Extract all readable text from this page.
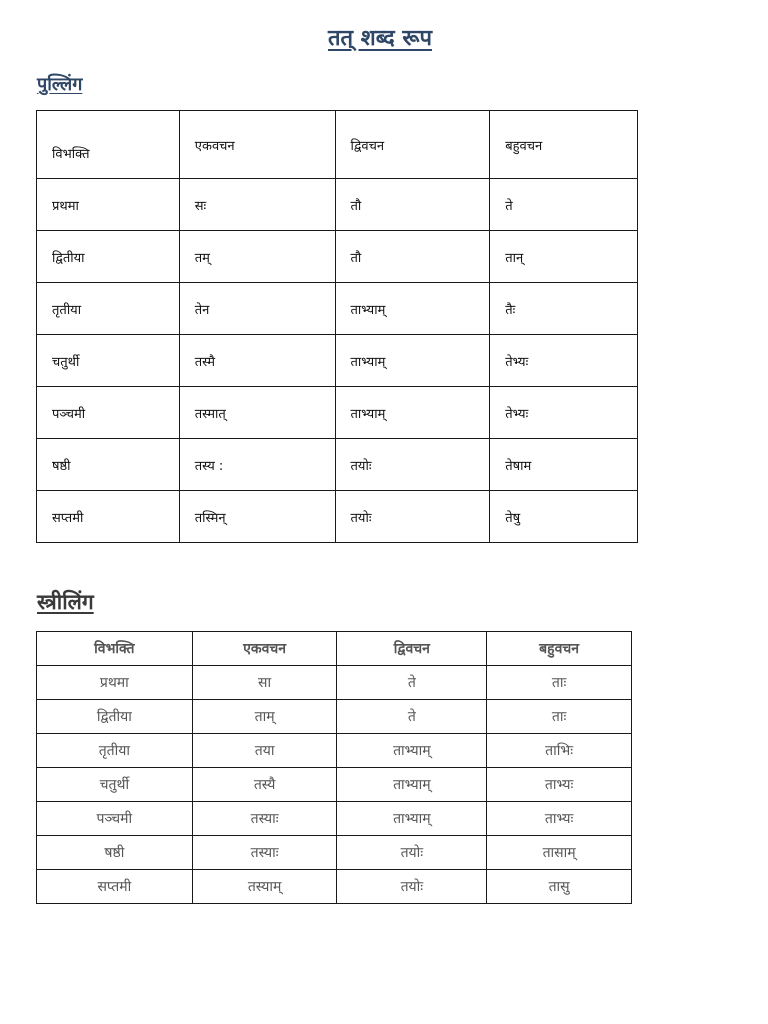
तत् शब्द रूप
पुल्लिंग
विभक्ति	एकवचन	द्विवचन	बहुवचन
प्रथमा	सः	तौ	ते
द्वितीया	तम्	तौ	तान्
तृतीया	तेन	ताभ्याम्	तैः
चतुर्थी	तस्मै	ताभ्याम्	तेभ्यः
पञ्चमी	तस्मात्	ताभ्याम्	तेभ्यः
षष्ठी	तस्य :	तयोः	तेषाम
सप्तमी	तस्मिन्	तयोः	तेषु
स्त्रीलिंग
विभक्ति	एकवचन	द्विवचन	बहुवचन
प्रथमा	सा	ते	ताः
द्वितीया	ताम्	ते	ताः
तृतीया	तया	ताभ्याम्	ताभिः
चतुर्थी	तस्यै	ताभ्याम्	ताभ्यः
पञ्चमी	तस्याः	ताभ्याम्	ताभ्यः
षष्ठी	तस्याः	तयोः	तासाम्
सप्तमी	तस्याम्	तयोः	तासु
